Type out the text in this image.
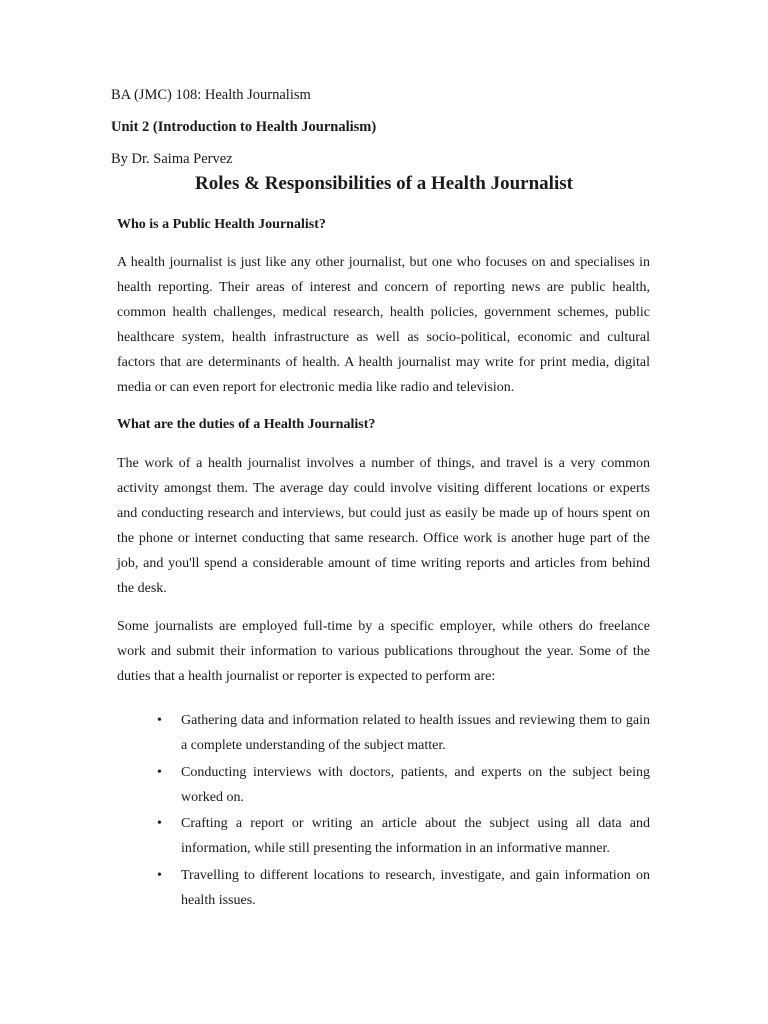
BA (JMC) 108: Health Journalism
Unit 2 (Introduction to Health Journalism)
By Dr. Saima Pervez
Roles & Responsibilities of a Health Journalist
Who is a Public Health Journalist?

A health journalist is just like any other journalist, but one who focuses on and specialises in health reporting. Their areas of interest and concern of reporting news are public health, common health challenges, medical research, health policies, government schemes, public healthcare system, health infrastructure as well as socio-political, economic and cultural factors that are determinants of health. A health journalist may write for print media, digital media or can even report for electronic media like radio and television.

What are the duties of a Health Journalist?

The work of a health journalist involves a number of things, and travel is a very common activity amongst them. The average day could involve visiting different locations or experts and conducting research and interviews, but could just as easily be made up of hours spent on the phone or internet conducting that same research. Office work is another huge part of the job, and you'll spend a considerable amount of time writing reports and articles from behind the desk.

Some journalists are employed full-time by a specific employer, while others do freelance work and submit their information to various publications throughout the year. Some of the duties that a health journalist or reporter is expected to perform are:

• Gathering data and information related to health issues and reviewing them to gain a complete understanding of the subject matter.
• Conducting interviews with doctors, patients, and experts on the subject being worked on.
• Crafting a report or writing an article about the subject using all data and information, while still presenting the information in an informative manner.
• Travelling to different locations to research, investigate, and gain information on health issues.
